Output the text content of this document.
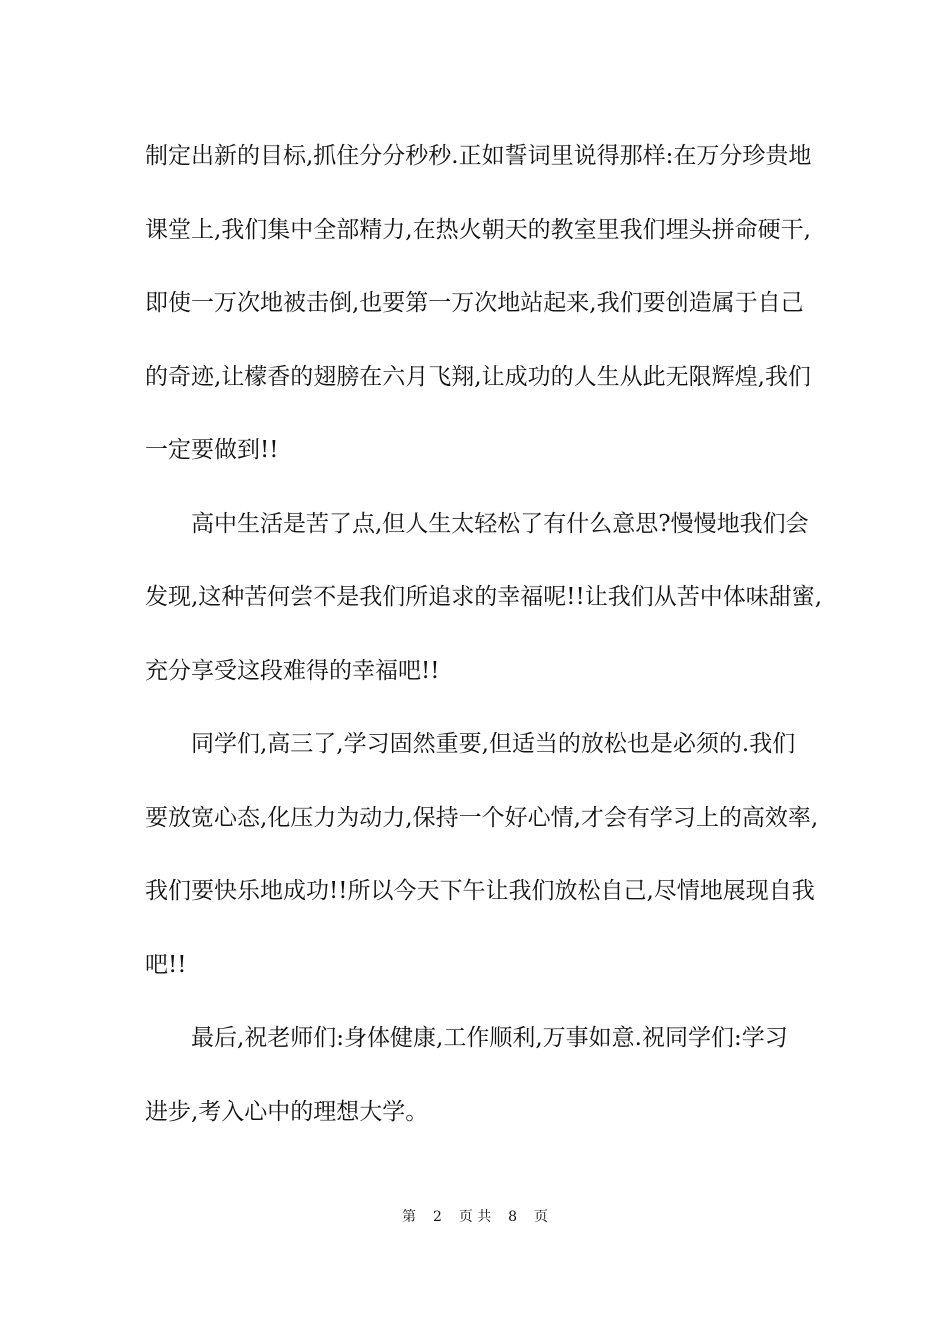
制定出新的目标,抓住分分秒秒.正如誓词里说得那样:在万分珍贵地
课堂上,我们集中全部精力,在热火朝天的教室里我们埋头拼命硬干,
即使一万次地被击倒,也要第一万次地站起来,我们要创造属于自己
的奇迹,让檬香的翅膀在六月飞翔,让成功的人生从此无限辉煌,我们
一定要做到!!
高中生活是苦了点,但人生太轻松了有什么意思?慢慢地我们会
发现,这种苦何尝不是我们所追求的幸福呢!!让我们从苦中体味甜蜜,
充分享受这段难得的幸福吧!!
同学们,高三了,学习固然重要,但适当的放松也是必须的.我们
要放宽心态,化压力为动力,保持一个好心情,才会有学习上的高效率,
我们要快乐地成功!!所以今天下午让我们放松自己,尽情地展现自我
吧!!
最后,祝老师们:身体健康,工作顺利,万事如意.祝同学们:学习
进步,考入心中的理想大学。
第 2 页 共 8 页
